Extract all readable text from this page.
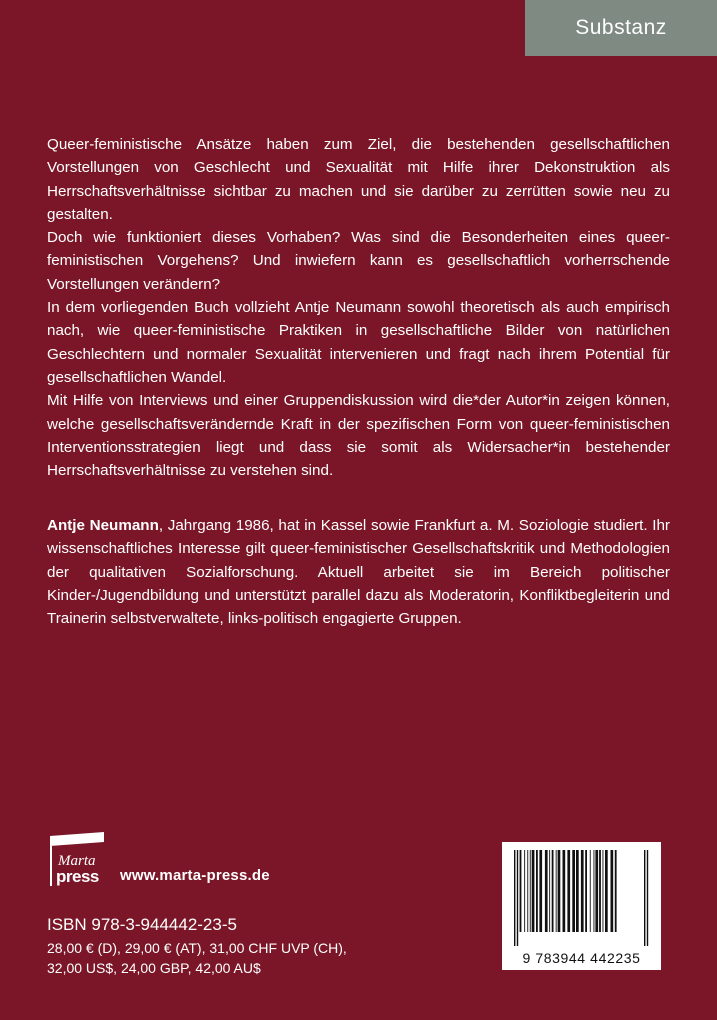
Substanz

Queer-feministische Ansätze haben zum Ziel, die bestehenden gesellschaftlichen Vorstellungen von Geschlecht und Sexualität mit Hilfe ihrer Dekonstruktion als Herrschaftsverhältnisse sichtbar zu machen und sie darüber zu zerrütten sowie neu zu gestalten.

Doch wie funktioniert dieses Vorhaben? Was sind die Besonderheiten eines queer-feministischen Vorgehens? Und inwiefern kann es gesellschaftlich vorherrschende Vorstellungen verändern?

In dem vorliegenden Buch vollzieht Antje Neumann sowohl theoretisch als auch empirisch nach, wie queer-feministische Praktiken in gesellschaftliche Bilder von natürlichen Geschlechtern und normaler Sexualität intervenieren und fragt nach ihrem Potential für gesellschaftlichen Wandel.

Mit Hilfe von Interviews und einer Gruppendiskussion wird die*der Autor*in zeigen können, welche gesellschaftsverändernde Kraft in der spezifischen Form von queer-feministischen Interventionsstrategien liegt und dass sie somit als Widersacher*in bestehender Herrschaftsverhältnisse zu verstehen sind.

Antje Neumann, Jahrgang 1986, hat in Kassel sowie Frankfurt a. M. Soziologie studiert. Ihr wissenschaftliches Interesse gilt queer-feministischer Gesellschaftskritik und Methodologien der qualitativen Sozialforschung. Aktuell arbeitet sie im Bereich politischer Kinder-/Jugendbildung und unterstützt parallel dazu als Moderatorin, Konfliktbegleiterin und Trainerin selbstverwaltete, links-politisch engagierte Gruppen.
Marta
press www.marta-press.de
ISBN 978-3-944442-23-5
28,00 € (D), 29,00 € (AT), 31,00 CHF UVP (CH),
32,00 US$, 24,00 GBP, 42,00 AU$
9 783944 442235
